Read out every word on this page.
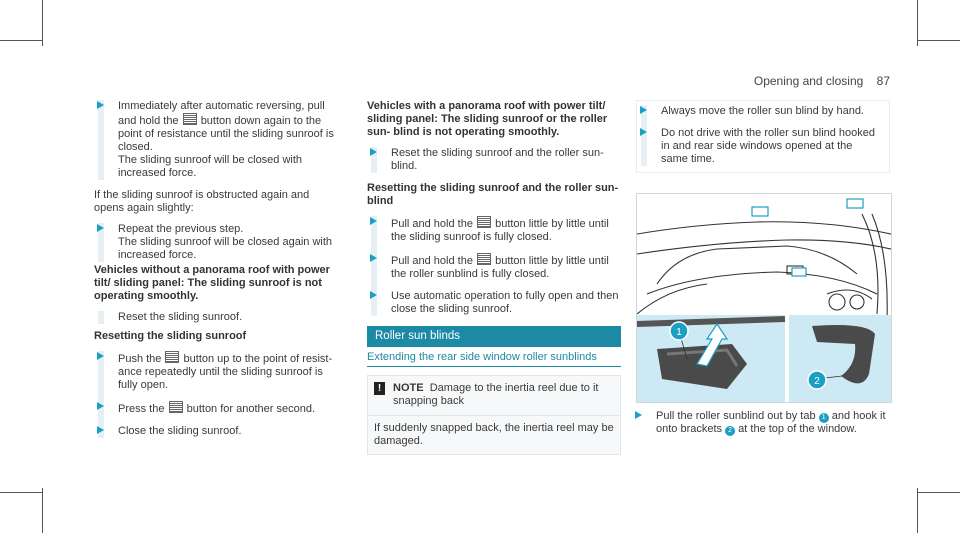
Opening and closing 87
Immediately after automatic reversing, pull and hold the button down again to the point of resistance until the sliding sunroof is closed.
The sliding sunroof will be closed with increased force.
If the sliding sunroof is obstructed again and opens again slightly:
Repeat the previous step.
The sliding sunroof will be closed again with increased force.
Vehicles without a panorama roof with power tilt/ sliding panel: The sliding sunroof is not operating smoothly.
Reset the sliding sunroof.
Resetting the sliding sunroof
Push the button up to the point of resist- ance repeatedly until the sliding sunroof is fully open.
Press the button for another second.
Close the sliding sunroof.
Vehicles with a panorama roof with power tilt/ sliding panel: The sliding sunroof or the roller sun- blind is not operating smoothly.
Reset the sliding sunroof and the roller sun- blind.
Resetting the sliding sunroof and the roller sun- blind
Pull and hold the button little by little until the sliding sunroof is fully closed.
Pull and hold the button little by little until the roller sunblind is fully closed.
Use automatic operation to fully open and then close the sliding sunroof.
Roller sun blinds
Extending the rear side window roller sunblinds
!	NOTE Damage to the inertia reel due to it snapping back
If suddenly snapped back, the inertia reel may be damaged.
Always move the roller sun blind by hand.
Do not drive with the roller sun blind hooked in and rear side windows opened at the same time.
1
2
Pull the roller sunblind out by tab 1 and hook it onto brackets 2 at the top of the window.
